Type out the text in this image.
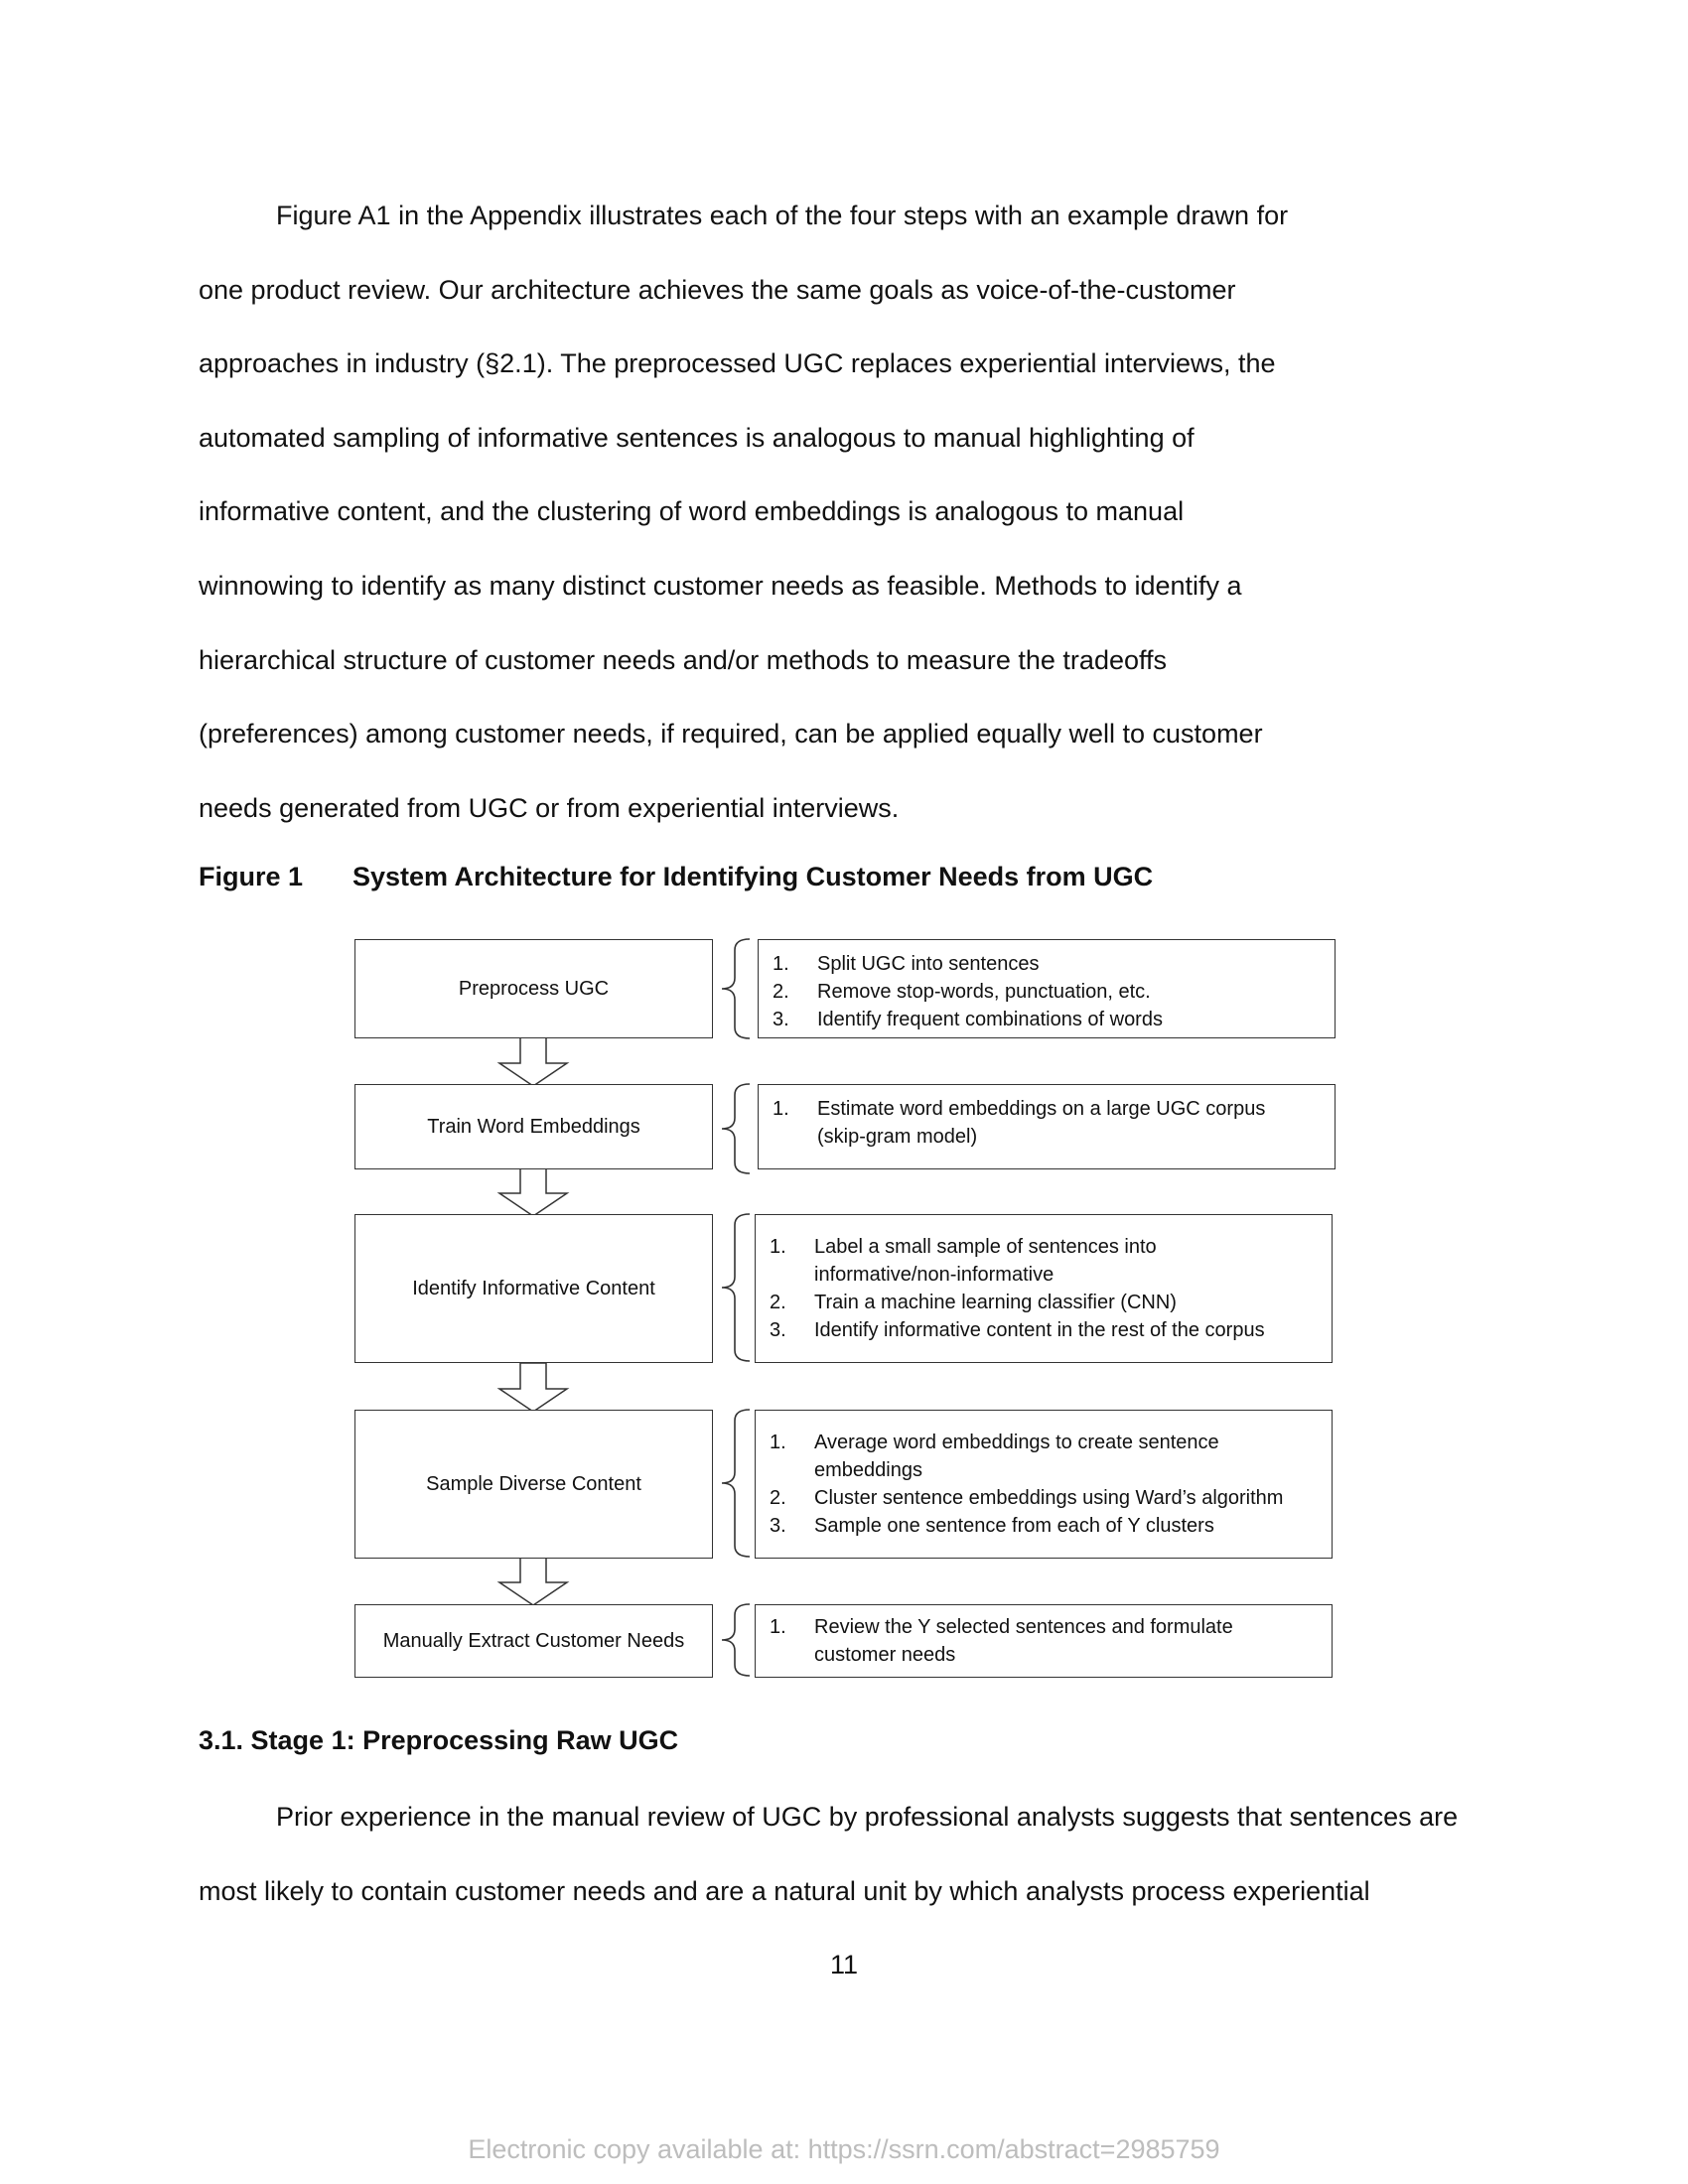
Figure A1 in the Appendix illustrates each of the four steps with an example drawn for
one product review. Our architecture achieves the same goals as voice-of-the-customer
approaches in industry (§2.1). The preprocessed UGC replaces experiential interviews, the
automated sampling of informative sentences is analogous to manual highlighting of
informative content, and the clustering of word embeddings is analogous to manual
winnowing to identify as many distinct customer needs as feasible. Methods to identify a
hierarchical structure of customer needs and/or methods to measure the tradeoffs
(preferences) among customer needs, if required, can be applied equally well to customer
needs generated from UGC or from experiential interviews.
Figure 1 System Architecture for Identifying Customer Needs from UGC
Preprocess UGC
Train Word Embeddings
Identify Informative Content
Sample Diverse Content
Manually Extract Customer Needs
1.	Split UGC into sentences
2.	Remove stop-words, punctuation, etc.
3.	Identify frequent combinations of words
1.	Estimate word embeddings on a large UGC corpus
(skip-gram model)
1.	Label a small sample of sentences into
informative/non-informative
2.	Train a machine learning classifier (CNN)
3.	Identify informative content in the rest of the corpus
1.	Average word embeddings to create sentence
embeddings
2.	Cluster sentence embeddings using Ward’s algorithm
3.	Sample one sentence from each of Y clusters
1.	Review the Y selected sentences and formulate
customer needs
3.1. Stage 1: Preprocessing Raw UGC
Prior experience in the manual review of UGC by professional analysts suggests that sentences are
most likely to contain customer needs and are a natural unit by which analysts process experiential
11
Electronic copy available at: https://ssrn.com/abstract=2985759
